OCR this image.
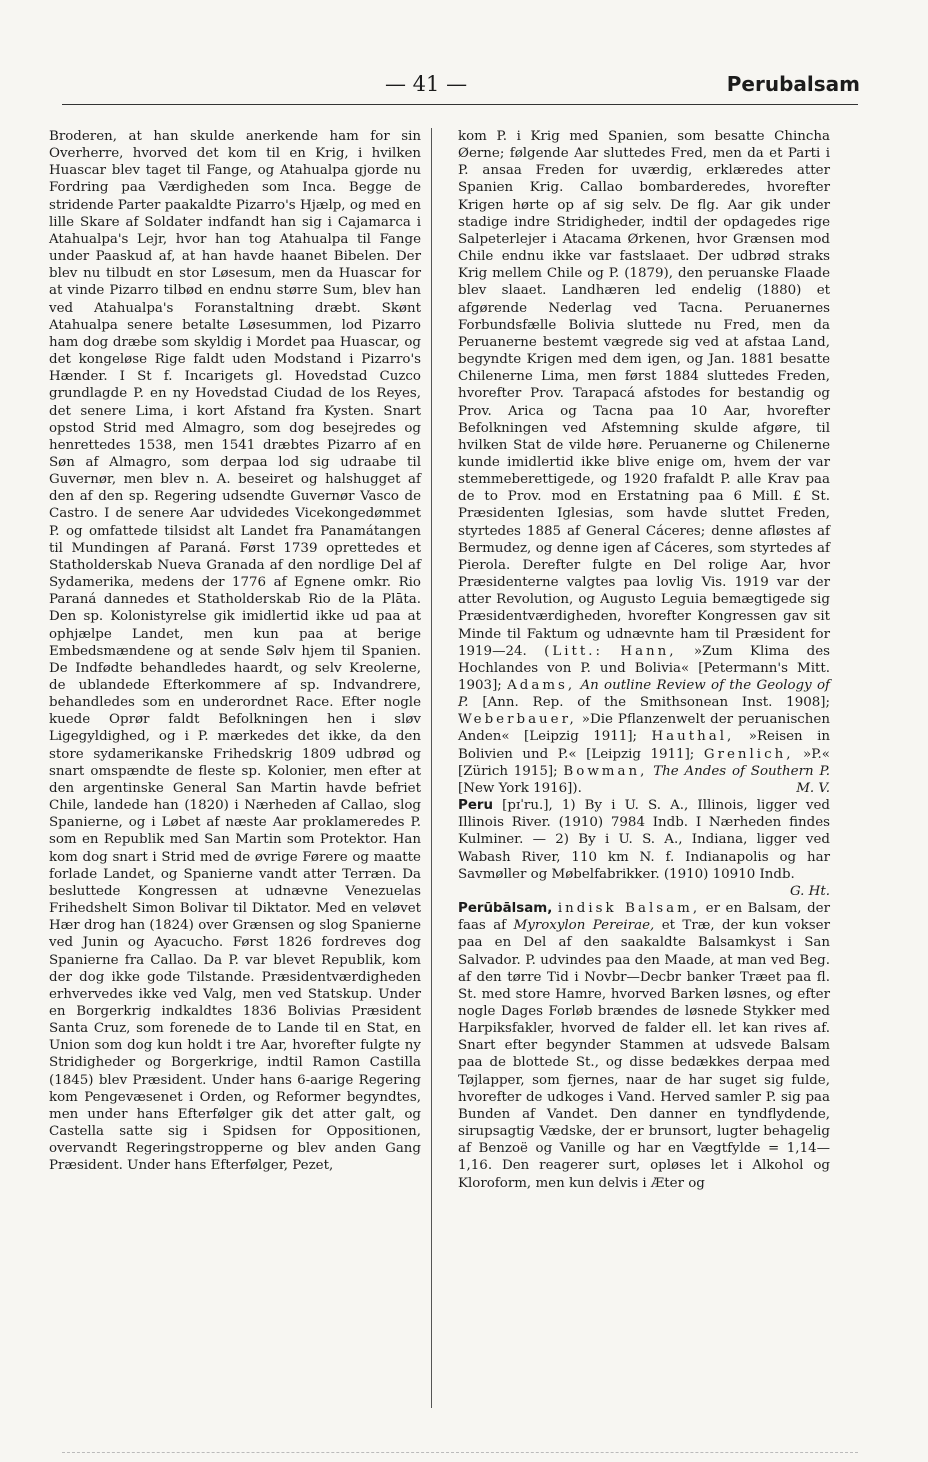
— 41 —	Perubalsam

Broderen, at han skulde anerkende ham for sin Overherre, hvorved det kom til en Krig, i hvilken Huascar blev taget til Fange, og Atahualpa gjorde nu Fordring paa Værdigheden som Inca. Begge de stridende Parter paakaldte Pizarro's Hjælp, og med en lille Skare af Soldater indfandt han sig i Cajamarca i Atahualpa's Lejr, hvor han tog Atahualpa til Fange under Paaskud af, at han havde haanet Bibelen. Der blev nu tilbudt en stor Løsesum, men da Huascar for at vinde Pizarro tilbød en endnu større Sum, blev han ved Atahualpa's Foranstaltning dræbt. Skønt Atahualpa senere betalte Løsesummen, lod Pizarro ham dog dræbe som skyldig i Mordet paa Huascar, og det kongeløse Rige faldt uden Modstand i Pizarro's Hænder. I St f. Incarigets gl. Hovedstad Cuzco grundlagde P. en ny Hovedstad Ciudad de los Reyes, det senere Lima, i kort Afstand fra Kysten. Snart opstod Strid med Almagro, som dog besejredes og henrettedes 1538, men 1541 dræbtes Pizarro af en Søn af Almagro, som derpaa lod sig udraabe til Guvernør, men blev n. A. beseiret og halshugget af den af den sp. Regering udsendte Guvernør Vasco de Castro. I de senere Aar udvidedes Vicekongedømmet P. og omfattede tilsidst alt Landet fra Panamátangen til Mundingen af Paraná. Først 1739 oprettedes et Statholderskab Nueva Granada af den nordlige Del af Sydamerika, medens der 1776 af Egnene omkr. Rio Paraná dannedes et Statholderskab Rio de la Plāta. Den sp. Kolonistyrelse gik imidlertid ikke ud paa at ophjælpe Landet, men kun paa at berige Embedsmændene og at sende Sølv hjem til Spanien. De Indfødte behandledes haardt, og selv Kreolerne, de ublandede Efterkommere af sp. Indvandrere, behandledes som en underordnet Race. Efter nogle kuede Oprør faldt Befolkningen hen i sløv Ligegyldighed, og i P. mærkedes det ikke, da den store sydamerikanske Frihedskrig 1809 udbrød og snart omspændte de fleste sp. Kolonier, men efter at den argentinske General San Martin havde befriet Chile, landede han (1820) i Nærheden af Callao, slog Spanierne, og i Løbet af næste Aar proklameredes P. som en Republik med San Martin som Protektor. Han kom dog snart i Strid med de øvrige Førere og maatte forlade Landet, og Spanierne vandt atter Terræn. Da besluttede Kongressen at udnævne Venezuelas Frihedshelt Simon Bolivar til Diktator. Med en veløvet Hær drog han (1824) over Grænsen og slog Spanierne ved Junin og Ayacucho. Først 1826 fordreves dog Spanierne fra Callao. Da P. var blevet Republik, kom der dog ikke gode Tilstande. Præsidentværdigheden erhvervedes ikke ved Valg, men ved Statskup. Under en Borgerkrig indkaldtes 1836 Bolivias Præsident Santa Cruz, som forenede de to Lande til en Stat, en Union som dog kun holdt i tre Aar, hvorefter fulgte ny Stridigheder og Borgerkrige, indtil Ramon Castilla (1845) blev Præsident. Under hans 6-aarige Regering kom Pengevæsenet i Orden, og Reformer begyndtes, men under hans Efterfølger gik det atter galt, og Castella satte sig i Spidsen for Oppositionen, overvandt Regeringstropperne og blev anden Gang Præsident. Under hans Efterfølger, Pezet,

kom P. i Krig med Spanien, som besatte Chincha Øerne; følgende Aar sluttedes Fred, men da et Parti i P. ansaa Freden for uværdig, erklæredes atter Spanien Krig. Callao bombarderedes, hvorefter Krigen hørte op af sig selv. De flg. Aar gik under stadige indre Stridigheder, indtil der opdagedes rige Salpeterlejer i Atacama Ørkenen, hvor Grænsen mod Chile endnu ikke var fastslaaet. Der udbrød straks Krig mellem Chile og P. (1879), den peruanske Flaade blev slaaet. Landhæren led endelig (1880) et afgørende Nederlag ved Tacna. Peruanernes Forbundsfælle Bolivia sluttede nu Fred, men da Peruanerne bestemt vægrede sig ved at afstaa Land, begyndte Krigen med dem igen, og Jan. 1881 besatte Chilenerne Lima, men først 1884 sluttedes Freden, hvorefter Prov. Tarapacá afstodes for bestandig og Prov. Arica og Tacna paa 10 Aar, hvorefter Befolkningen ved Afstemning skulde afgøre, til hvilken Stat de vilde høre. Peruanerne og Chilenerne kunde imidlertid ikke blive enige om, hvem der var stemmeberettigede, og 1920 frafaldt P. alle Krav paa de to Prov. mod en Erstatning paa 6 Mill. £ St. Præsidenten Iglesias, som havde sluttet Freden, styrtedes 1885 af General Cáceres; denne afløstes af Bermudez, og denne igen af Cáceres, som styrtedes af Pierola. Derefter fulgte en Del rolige Aar, hvor Præsidenterne valgtes paa lovlig Vis. 1919 var der atter Revolution, og Augusto Leguia bemægtigede sig Præsidentværdigheden, hvorefter Kongressen gav sit Minde til Faktum og udnævnte ham til Præsident for 1919—24. (Litt.: Hann, »Zum Klima des Hochlandes von P. und Bolivia« [Petermann's Mitt. 1903]; Adams, An outline Review of the Geology of P. [Ann. Rep. of the Smithsonean Inst. 1908]; Weberbauer, »Die Pflanzenwelt der peruanischen Anden« [Leipzig 1911]; Hauthal, »Reisen in Bolivien und P.« [Leipzig 1911]; Grenlich, »P.« [Zürich 1915]; Bowman, The Andes of Southern P. [New York 1916]).	M. V.

Peru [pɪˈru.], 1) By i U. S. A., Illinois, ligger ved Illinois River. (1910) 7984 Indb. I Nærheden findes Kulminer. — 2) By i U. S. A., Indiana, ligger ved Wabash River, 110 km N. f. Indianapolis og har Savmøller og Møbelfabrikker. (1910) 10910 Indb.
G. Ht.

Perūbālsam, indisk Balsam, er en Balsam, der faas af Myroxylon Pereirae, et Træ, der kun vokser paa en Del af den saakaldte Balsamkyst i San Salvador. P. udvindes paa den Maade, at man ved Beg. af den tørre Tid i Novbr—Decbr banker Træet paa fl. St. med store Hamre, hvorved Barken løsnes, og efter nogle Dages Forløb brændes de løsnede Stykker med Harpiksfakler, hvorved de falder ell. let kan rives af. Snart efter begynder Stammen at udsvede Balsam paa de blottede St., og disse bedækkes derpaa med Tøjlapper, som fjernes, naar de har suget sig fulde, hvorefter de udkoges i Vand. Herved samler P. sig paa Bunden af Vandet. Den danner en tyndflydende, sirupsagtig Vædske, der er brunsort, lugter behagelig af Benzoë og Vanille og har en Vægtfylde = 1,14—1,16. Den reagerer surt, opløses let i Alkohol og Kloroform, men kun delvis i Æter og
